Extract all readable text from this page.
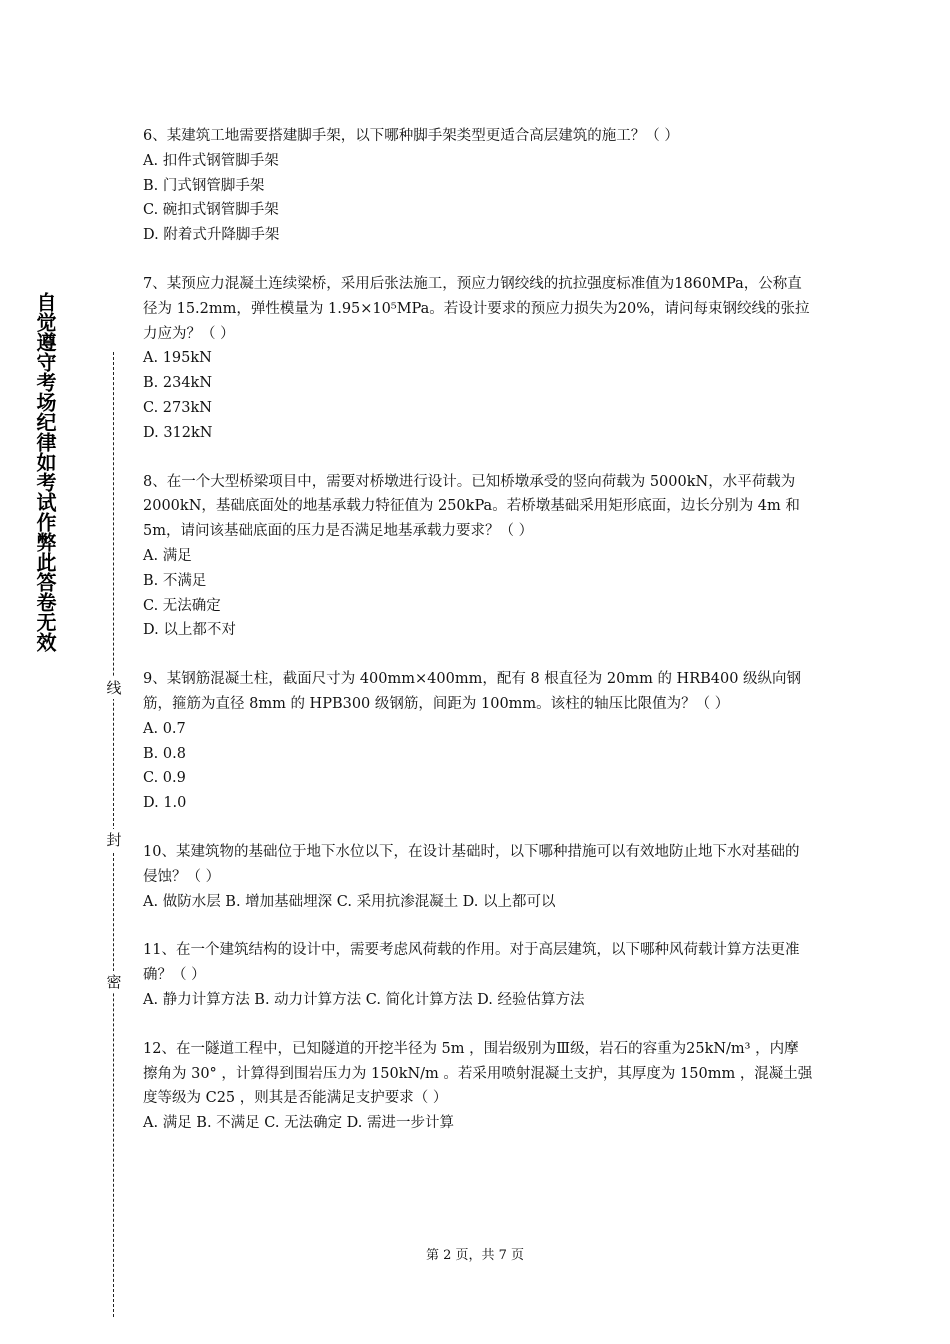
自觉遵守考场纪律如考试作弊此答卷无效
线
封
密

6、某建筑工地需要搭建脚手架，以下哪种脚手架类型更适合高层建筑的施工？（ ）

A. 扣件式钢管脚手架

B. 门式钢管脚手架

C. 碗扣式钢管脚手架

D. 附着式升降脚手架

7、某预应力混凝土连续梁桥，采用后张法施工，预应力钢绞线的抗拉强度标准值为1860MPa，公称直径为 15.2mm，弹性模量为 1.95×10⁵MPa。若设计要求的预应力损失为20%，请问每束钢绞线的张拉力应为？（ ）

A. 195kN

B. 234kN

C. 273kN

D. 312kN

8、在一个大型桥梁项目中，需要对桥墩进行设计。已知桥墩承受的竖向荷载为 5000kN，水平荷载为 2000kN，基础底面处的地基承载力特征值为 250kPa。若桥墩基础采用矩形底面，边长分别为 4m 和 5m，请问该基础底面的压力是否满足地基承载力要求？（ ）

A. 满足

B. 不满足

C. 无法确定

D. 以上都不对

9、某钢筋混凝土柱，截面尺寸为 400mm×400mm，配有 8 根直径为 20mm 的 HRB400 级纵向钢筋，箍筋为直径 8mm 的 HPB300 级钢筋，间距为 100mm。该柱的轴压比限值为？（ ）

A. 0.7

B. 0.8

C. 0.9

D. 1.0

10、某建筑物的基础位于地下水位以下，在设计基础时，以下哪种措施可以有效地防止地下水对基础的侵蚀？（ ）

A. 做防水层 B. 增加基础埋深 C. 采用抗渗混凝土 D. 以上都可以

11、在一个建筑结构的设计中，需要考虑风荷载的作用。对于高层建筑，以下哪种风荷载计算方法更准确？（ ）

A. 静力计算方法 B. 动力计算方法 C. 简化计算方法 D. 经验估算方法

12、在一隧道工程中，已知隧道的开挖半径为 5m ，围岩级别为Ⅲ级，岩石的容重为25kN/m³ ，内摩擦角为 30° ，计算得到围岩压力为 150kN/m 。若采用喷射混凝土支护，其厚度为 150mm ，混凝土强度等级为 C25 ，则其是否能满足支护要求（ ）

A. 满足 B. 不满足 C. 无法确定 D. 需进一步计算

第 2 页，共 7 页
